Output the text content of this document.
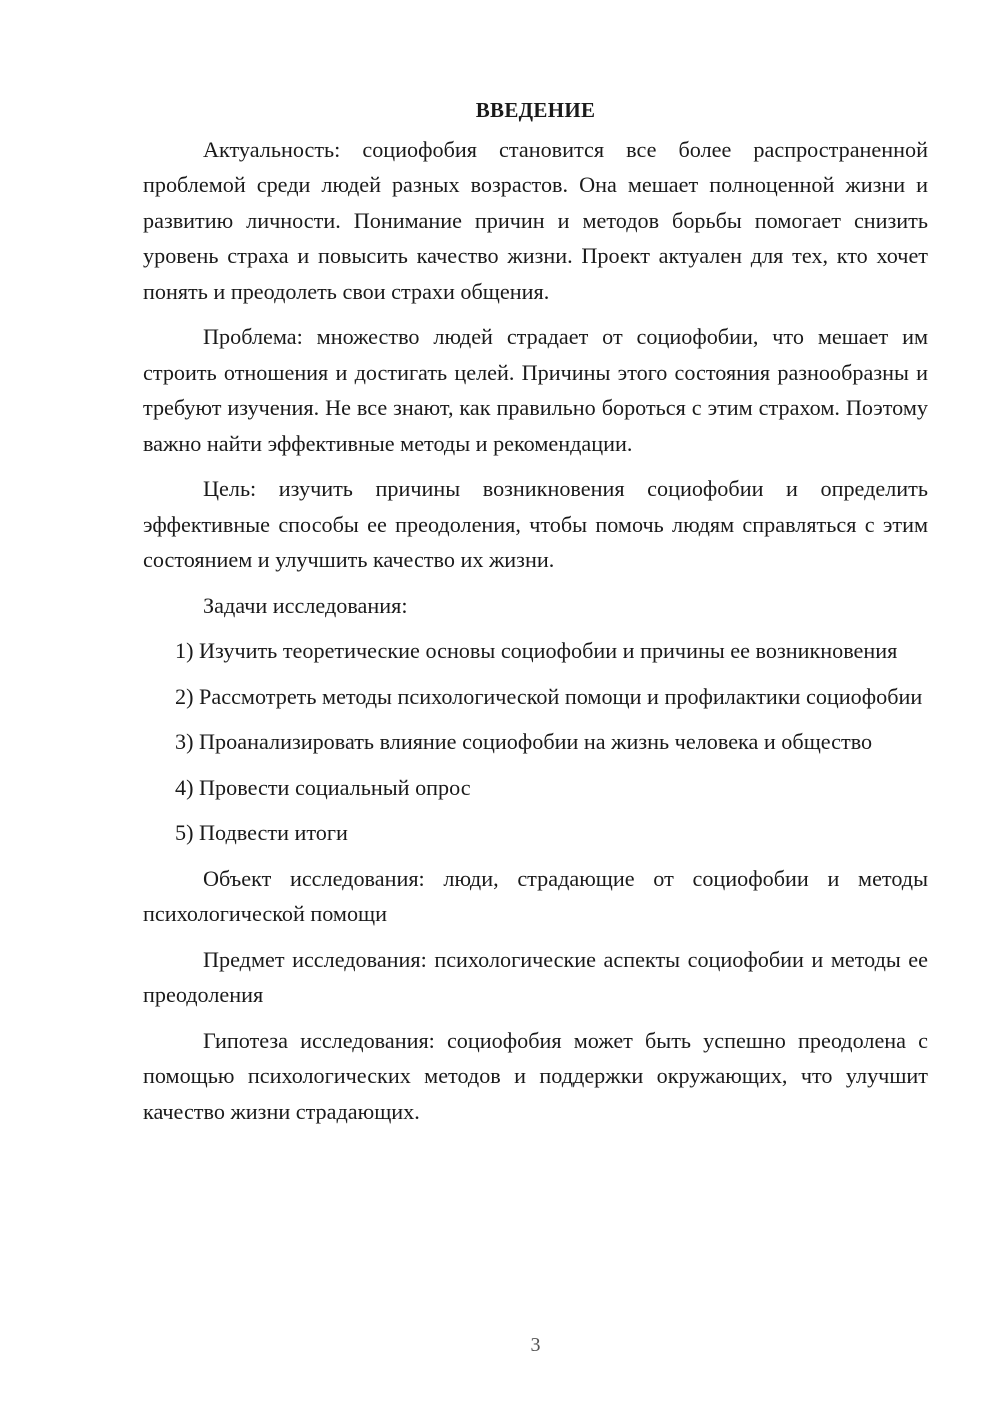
ВВЕДЕНИЕ

Актуальность: социофобия становится все более распространенной проблемой среди людей разных возрастов. Она мешает полноценной жизни и развитию личности. Понимание причин и методов борьбы помогает снизить уровень страха и повысить качество жизни. Проект актуален для тех, кто хочет понять и преодолеть свои страхи общения.

Проблема: множество людей страдает от социофобии, что мешает им строить отношения и достигать целей. Причины этого состояния разнообразны и требуют изучения. Не все знают, как правильно бороться с этим страхом. Поэтому важно найти эффективные методы и рекомендации.

Цель: изучить причины возникновения социофобии и определить эффективные способы ее преодоления, чтобы помочь людям справляться с этим состоянием и улучшить качество их жизни.

Задачи исследования:

1) Изучить теоретические основы социофобии и причины ее возникновения

2) Рассмотреть методы психологической помощи и профилактики социофобии

3) Проанализировать влияние социофобии на жизнь человека и общество

4) Провести социальный опрос

5) Подвести итоги

Объект исследования: люди, страдающие от социофобии и методы психологической помощи

Предмет исследования: психологические аспекты социофобии и методы ее преодоления

Гипотеза исследования: социофобия может быть успешно преодолена с помощью психологических методов и поддержки окружающих, что улучшит качество жизни страдающих.

3
